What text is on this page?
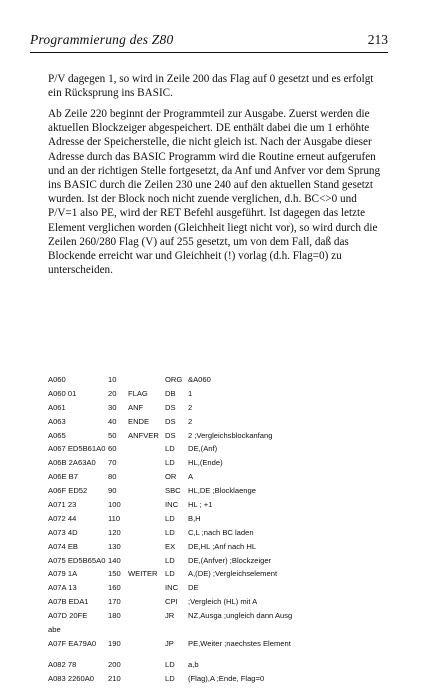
Programmierung des Z80	213

P/V dagegen 1, so wird in Zeile 200 das Flag auf 0 gesetzt und es erfolgt ein Rücksprung ins BASIC.

Ab Zeile 220 beginnt der Programmteil zur Ausgabe. Zuerst werden die aktuellen Blockzeiger abgespeichert. DE enthält dabei die um 1 erhöhte Adresse der Speicherstelle, die nicht gleich ist. Nach der Ausgabe dieser Adresse durch das BASIC Programm wird die Routine erneut aufgerufen und an der richtigen Stelle fortgesetzt, da Anf und Anfver vor dem Sprung ins BASIC durch die Zeilen 230 une 240 auf den aktuellen Stand gesetzt wurden. Ist der Block noch nicht zuende verglichen, d.h. BC<>0 und P/V=1 also PE, wird der RET Befehl ausgeführt. Ist dagegen das letzte Element verglichen worden (Gleichheit liegt nicht vor), so wird durch die Zeilen 260/280 Flag (V) auf 255 gesetzt, um von dem Fall, daß das Blockende erreicht war und Gleichheit (!) vorlag (d.h. Flag=0) zu unterscheiden.

A060	10	ORG &A060
A060 01	20 FLAG DB 1
A061	30 ANF	DS 2
A063	40 ENDE DS 2
A065	50 ANFVER DS 2 ;Vergleichsblockanfang
A067 ED5B61A0 60	LD DE,(Anf)
A06B 2A63A0 70	LD HL,(Ende)
A06E B7	80	OR A
A06F ED52	90	SBC HL,DE ;Blocklaenge
A071 23	100	INC HL ; +1
A072 44	110	LD B,H
A073 4D	120	LD C,L ;nach BC laden
A074 EB	130	EX DE,HL ;Anf nach HL
A075 ED5B65A0 140	LD DE,(Anfver) ;Blockzeiger
A079 1A	150 WEITER LD A,(DE) ;Vergleichselement
A07A 13	160	INC DE
A07B EDA1	170	CPI ;Vergleich (HL) mit A
A07D 20FE	180	JR NZ,Ausga ;ungleich dann Ausg
abe
A07F EA79A0 190	JP PE,Weiter ;naechstes Element
A082 78	200	LD a,b
A083 2260A0 210	LD (Flag),A ;Ende, Flag=0
